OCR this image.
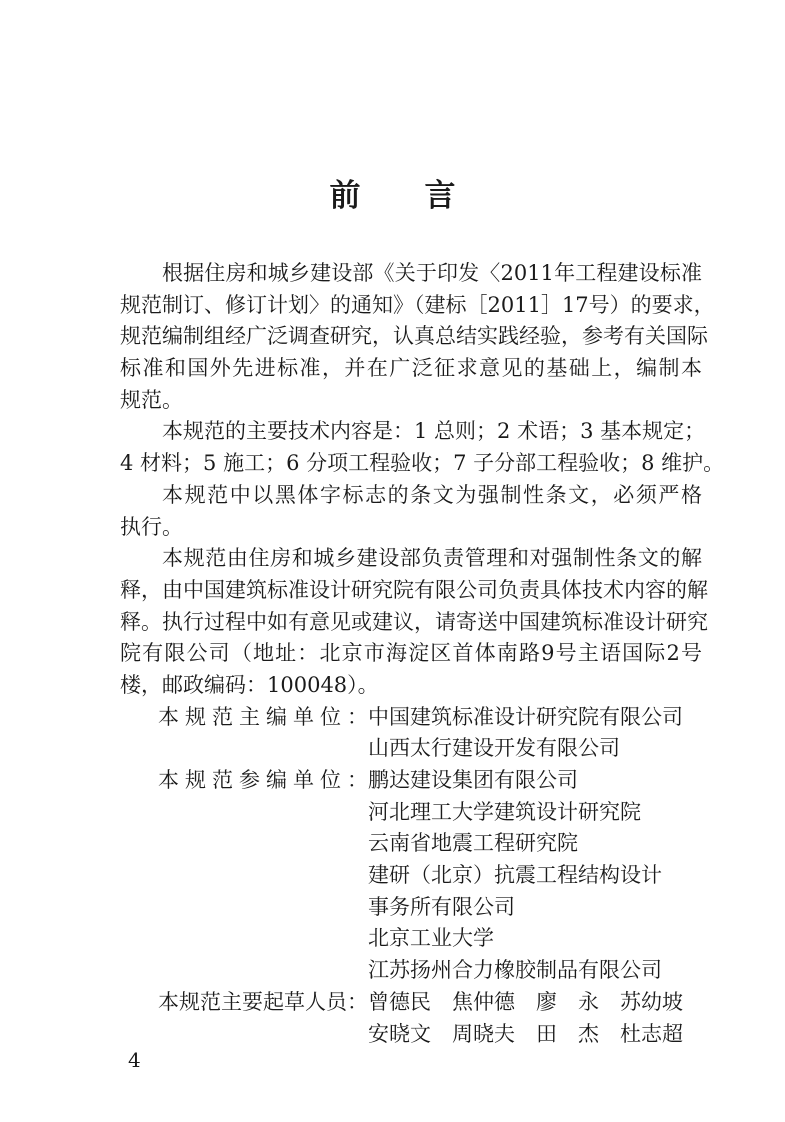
前 言
根据住房和城乡建设部《关于印发〈2011年工程建设标准
规范制订、修订计划〉的通知》（建标［2011］17号）的要求，
规范编制组经广泛调查研究，认真总结实践经验，参考有关国际
标准和国外先进标准，并在广泛征求意见的基础上，编制本
规范。
本规范的主要技术内容是：1 总则；2 术语；3 基本规定；
4 材料；5 施工；6 分项工程验收；7 子分部工程验收；8 维护。
本规范中以黑体字标志的条文为强制性条文，必须严格
执行。
本规范由住房和城乡建设部负责管理和对强制性条文的解
释，由中国建筑标准设计研究院有限公司负责具体技术内容的解
释。执行过程中如有意见或建议，请寄送中国建筑标准设计研究
院有限公司（地址：北京市海淀区首体南路9号主语国际2号
楼，邮政编码：100048）。
本规范主编单位： 中国建筑标准设计研究院有限公司
山西太行建设开发有限公司
本规范参编单位： 鹏达建设集团有限公司
河北理工大学建筑设计研究院
云南省地震工程研究院
建研（北京）抗震工程结构设计
事务所有限公司
北京工业大学
江苏扬州合力橡胶制品有限公司
本规范主要起草人员： 曾德民　焦仲德　廖　永　苏幼坡
安晓文　周晓夫　田　杰　杜志超
4
